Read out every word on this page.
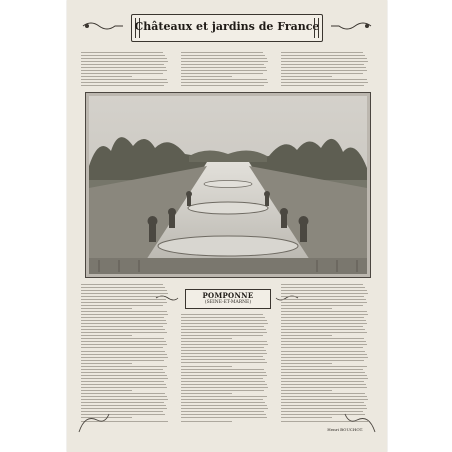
Châteaux et jardins de France
POMPONNE
(SEINE-ET-MARNE)
Henri BOUCHOT.
